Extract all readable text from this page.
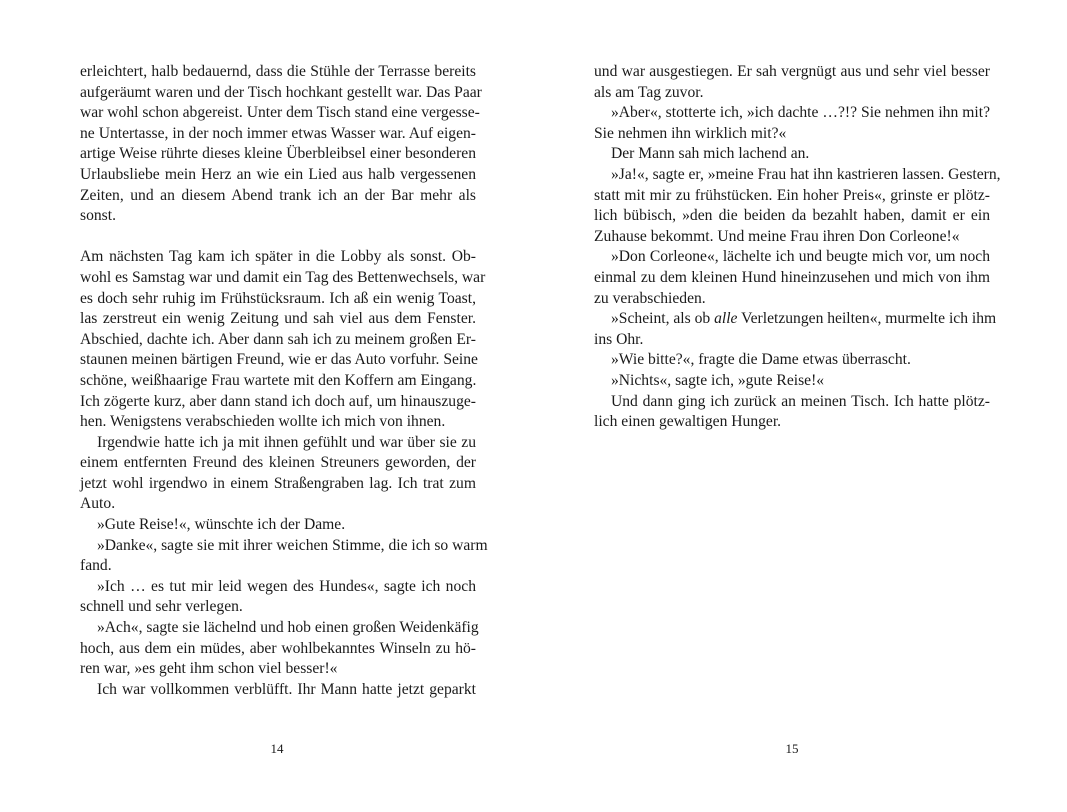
erleichtert, halb bedauernd, dass die Stühle der Terrasse bereits
aufgeräumt waren und der Tisch hochkant gestellt war. Das Paar
war wohl schon abgereist. Unter dem Tisch stand eine vergesse-
ne Untertasse, in der noch immer etwas Wasser war. Auf eigen-
artige Weise rührte dieses kleine Überbleibsel einer besonderen
Urlaubsliebe mein Herz an wie ein Lied aus halb vergessenen
Zeiten, und an diesem Abend trank ich an der Bar mehr als
sonst.
Am nächsten Tag kam ich später in die Lobby als sonst. Ob-
wohl es Samstag war und damit ein Tag des Bettenwechsels, war
es doch sehr ruhig im Frühstücksraum. Ich aß ein wenig Toast,
las zerstreut ein wenig Zeitung und sah viel aus dem Fenster.
Abschied, dachte ich. Aber dann sah ich zu meinem großen Er-
staunen meinen bärtigen Freund, wie er das Auto vorfuhr. Seine
schöne, weißhaarige Frau wartete mit den Koffern am Eingang.
Ich zögerte kurz, aber dann stand ich doch auf, um hinauszuge-
hen. Wenigstens verabschieden wollte ich mich von ihnen.
Irgendwie hatte ich ja mit ihnen gefühlt und war über sie zu
einem entfernten Freund des kleinen Streuners geworden, der
jetzt wohl irgendwo in einem Straßengraben lag. Ich trat zum
Auto.
»Gute Reise!«, wünschte ich der Dame.
»Danke«, sagte sie mit ihrer weichen Stimme, die ich so warm
fand.
»Ich … es tut mir leid wegen des Hundes«, sagte ich noch
schnell und sehr verlegen.
»Ach«, sagte sie lächelnd und hob einen großen Weidenkäfig
hoch, aus dem ein müdes, aber wohlbekanntes Winseln zu hö-
ren war, »es geht ihm schon viel besser!«
Ich war vollkommen verblüfft. Ihr Mann hatte jetzt geparkt
14
und war ausgestiegen. Er sah vergnügt aus und sehr viel besser
als am Tag zuvor.
»Aber«, stotterte ich, »ich dachte …?!? Sie nehmen ihn mit?
Sie nehmen ihn wirklich mit?«
Der Mann sah mich lachend an.
»Ja!«, sagte er, »meine Frau hat ihn kastrieren lassen. Gestern,
statt mit mir zu frühstücken. Ein hoher Preis«, grinste er plötz-
lich bübisch, »den die beiden da bezahlt haben, damit er ein
Zuhause bekommt. Und meine Frau ihren Don Corleone!«
»Don Corleone«, lächelte ich und beugte mich vor, um noch
einmal zu dem kleinen Hund hineinzusehen und mich von ihm
zu verabschieden.
»Scheint, als ob alle Verletzungen heilten«, murmelte ich ihm
ins Ohr.
»Wie bitte?«, fragte die Dame etwas überrascht.
»Nichts«, sagte ich, »gute Reise!«
Und dann ging ich zurück an meinen Tisch. Ich hatte plötz-
lich einen gewaltigen Hunger.
15
